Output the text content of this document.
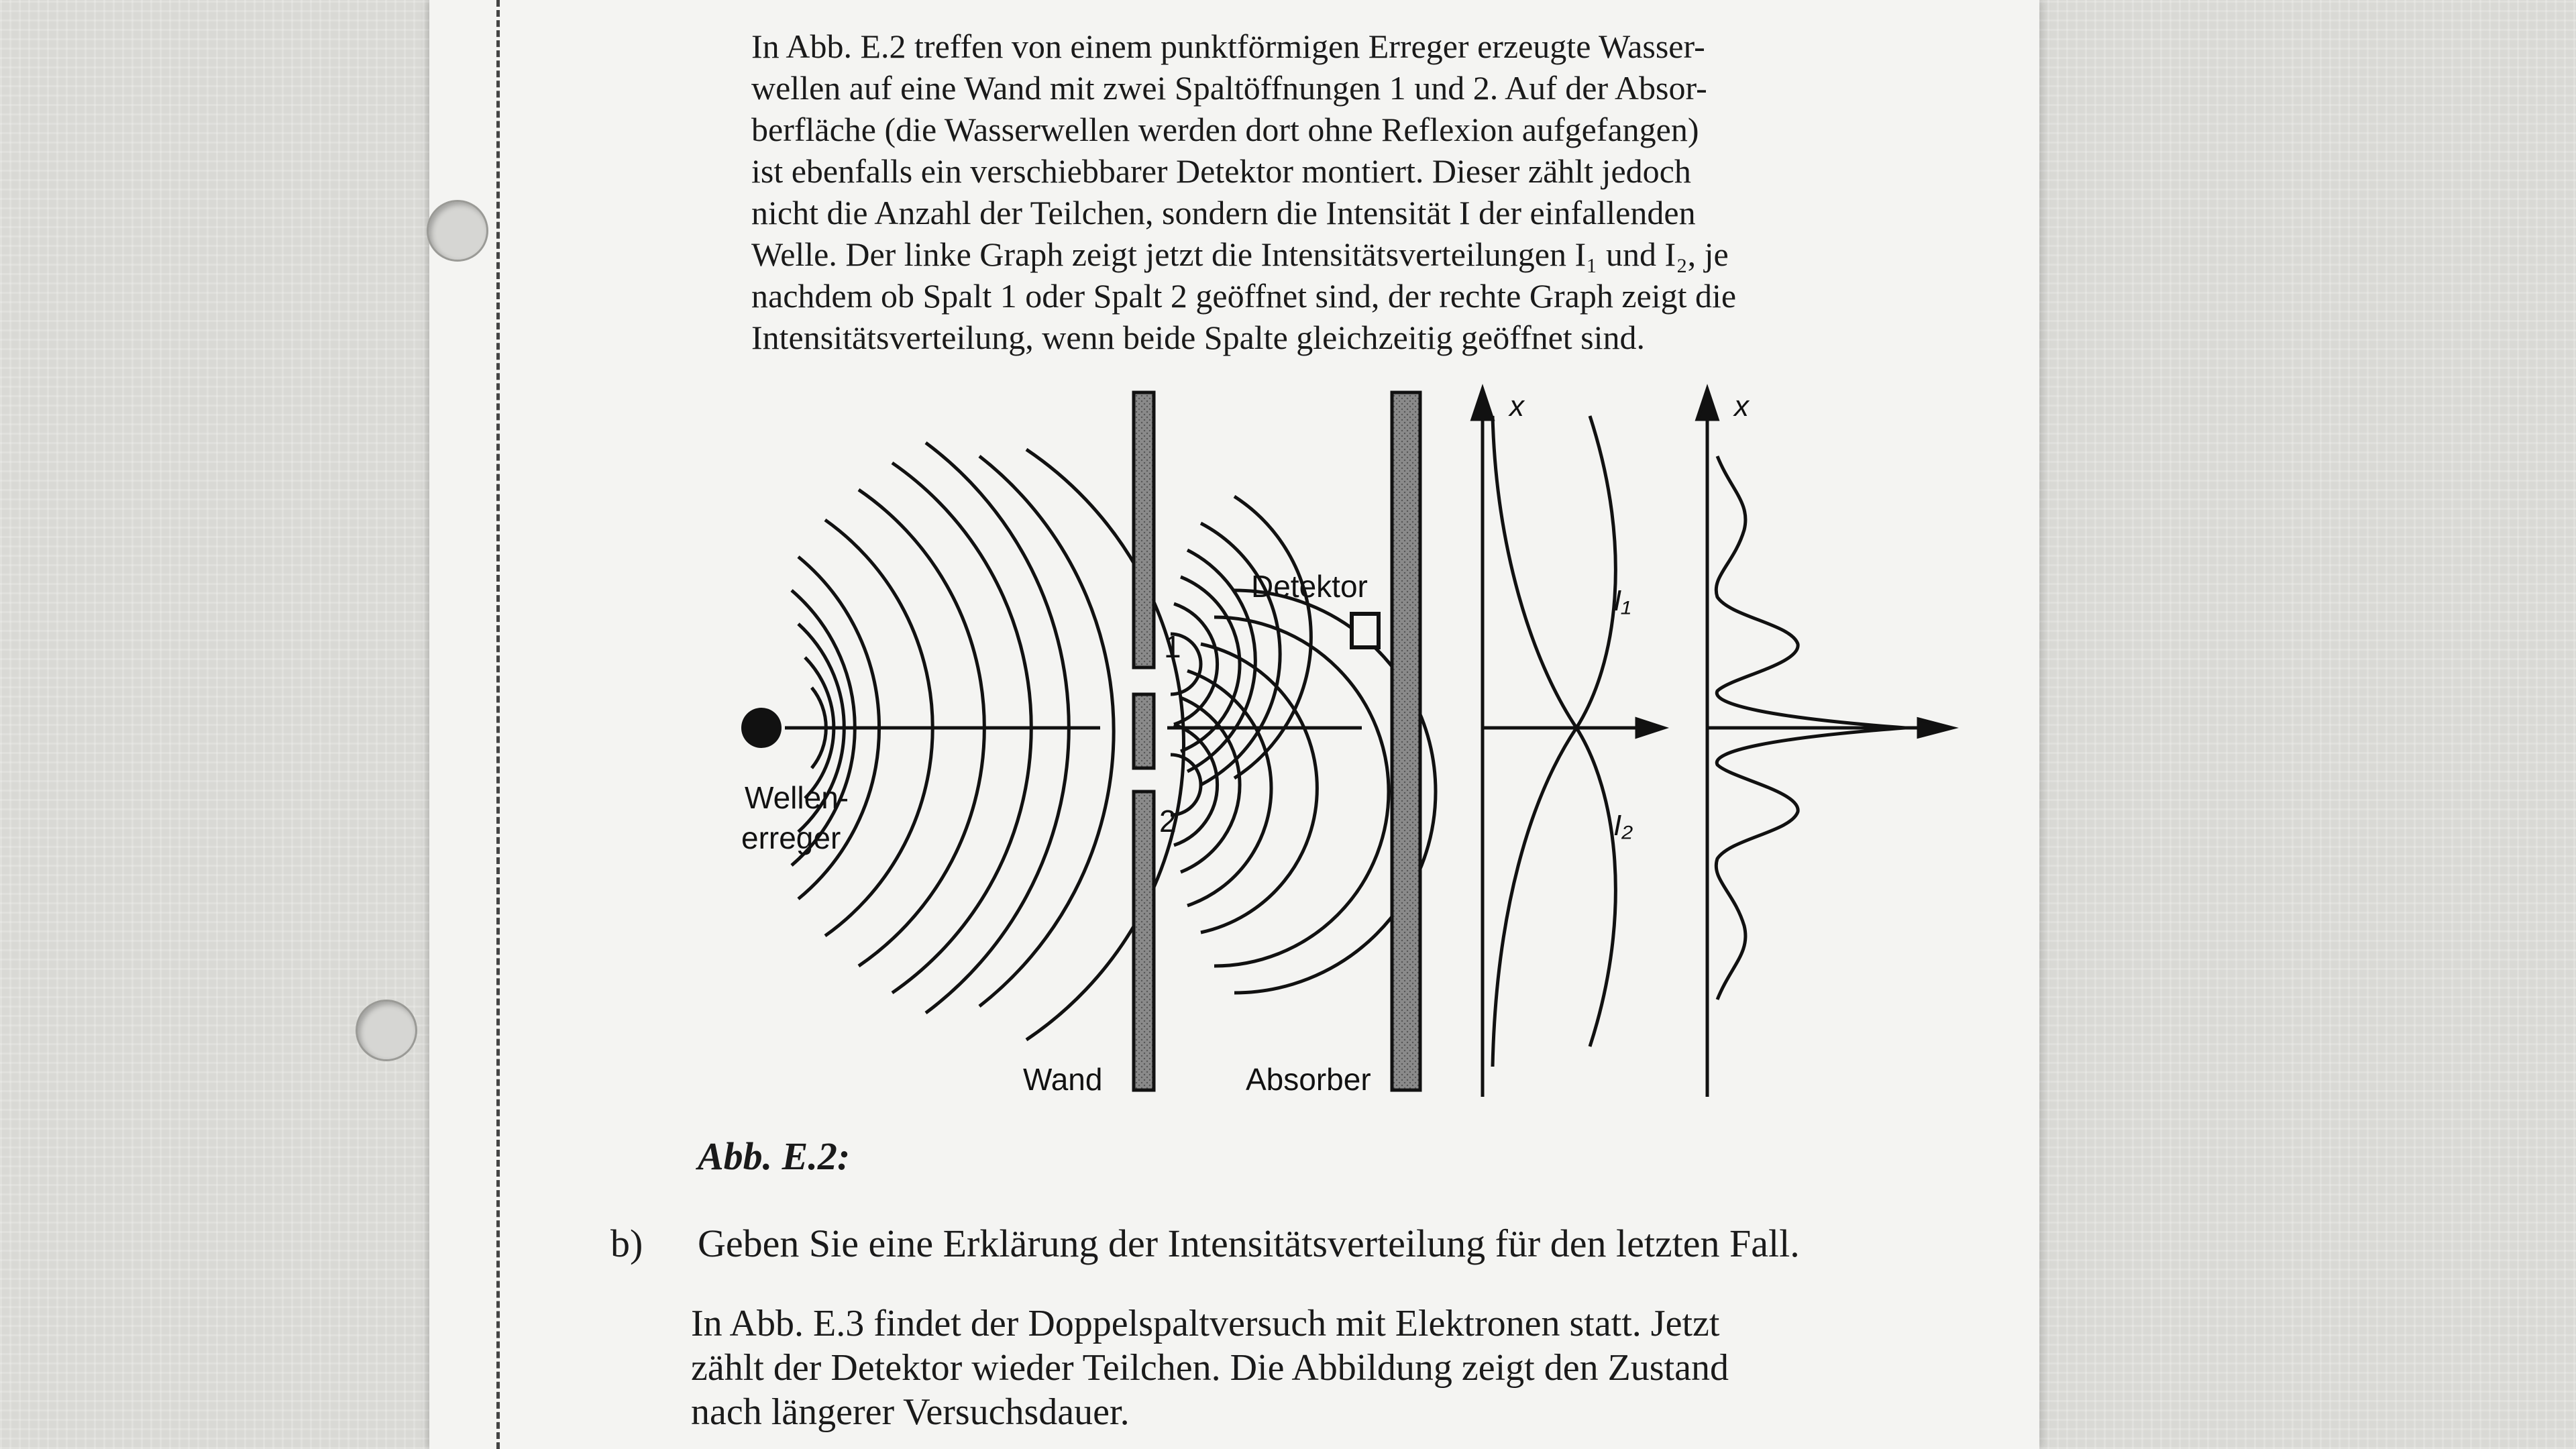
In Abb. E.2 treffen von einem punktförmigen Erreger erzeugte Wasser-
wellen auf eine Wand mit zwei Spaltöffnungen 1 und 2. Auf der Absor-
berfläche (die Wasserwellen werden dort ohne Reflexion aufgefangen)
ist ebenfalls ein verschiebbarer Detektor montiert. Dieser zählt jedoch
nicht die Anzahl der Teilchen, sondern die Intensität I der einfallenden
Welle. Der linke Graph zeigt jetzt die Intensitätsverteilungen I₁ und I₂, je
nachdem ob Spalt 1 oder Spalt 2 geöffnet sind, der rechte Graph zeigt die
Intensitätsverteilung, wenn beide Spalte gleichzeitig geöffnet sind.
1
2
Detektor
x
I₁
I₂
x
Wellen-
erreger
Wand	Absorber
Abb. E.2:
b) Geben Sie eine Erklärung der Intensitätsverteilung für den letzten Fall.
In Abb. E.3 findet der Doppelspaltversuch mit Elektronen statt. Jetzt
zählt der Detektor wieder Teilchen. Die Abbildung zeigt den Zustand
nach längerer Versuchsdauer.
